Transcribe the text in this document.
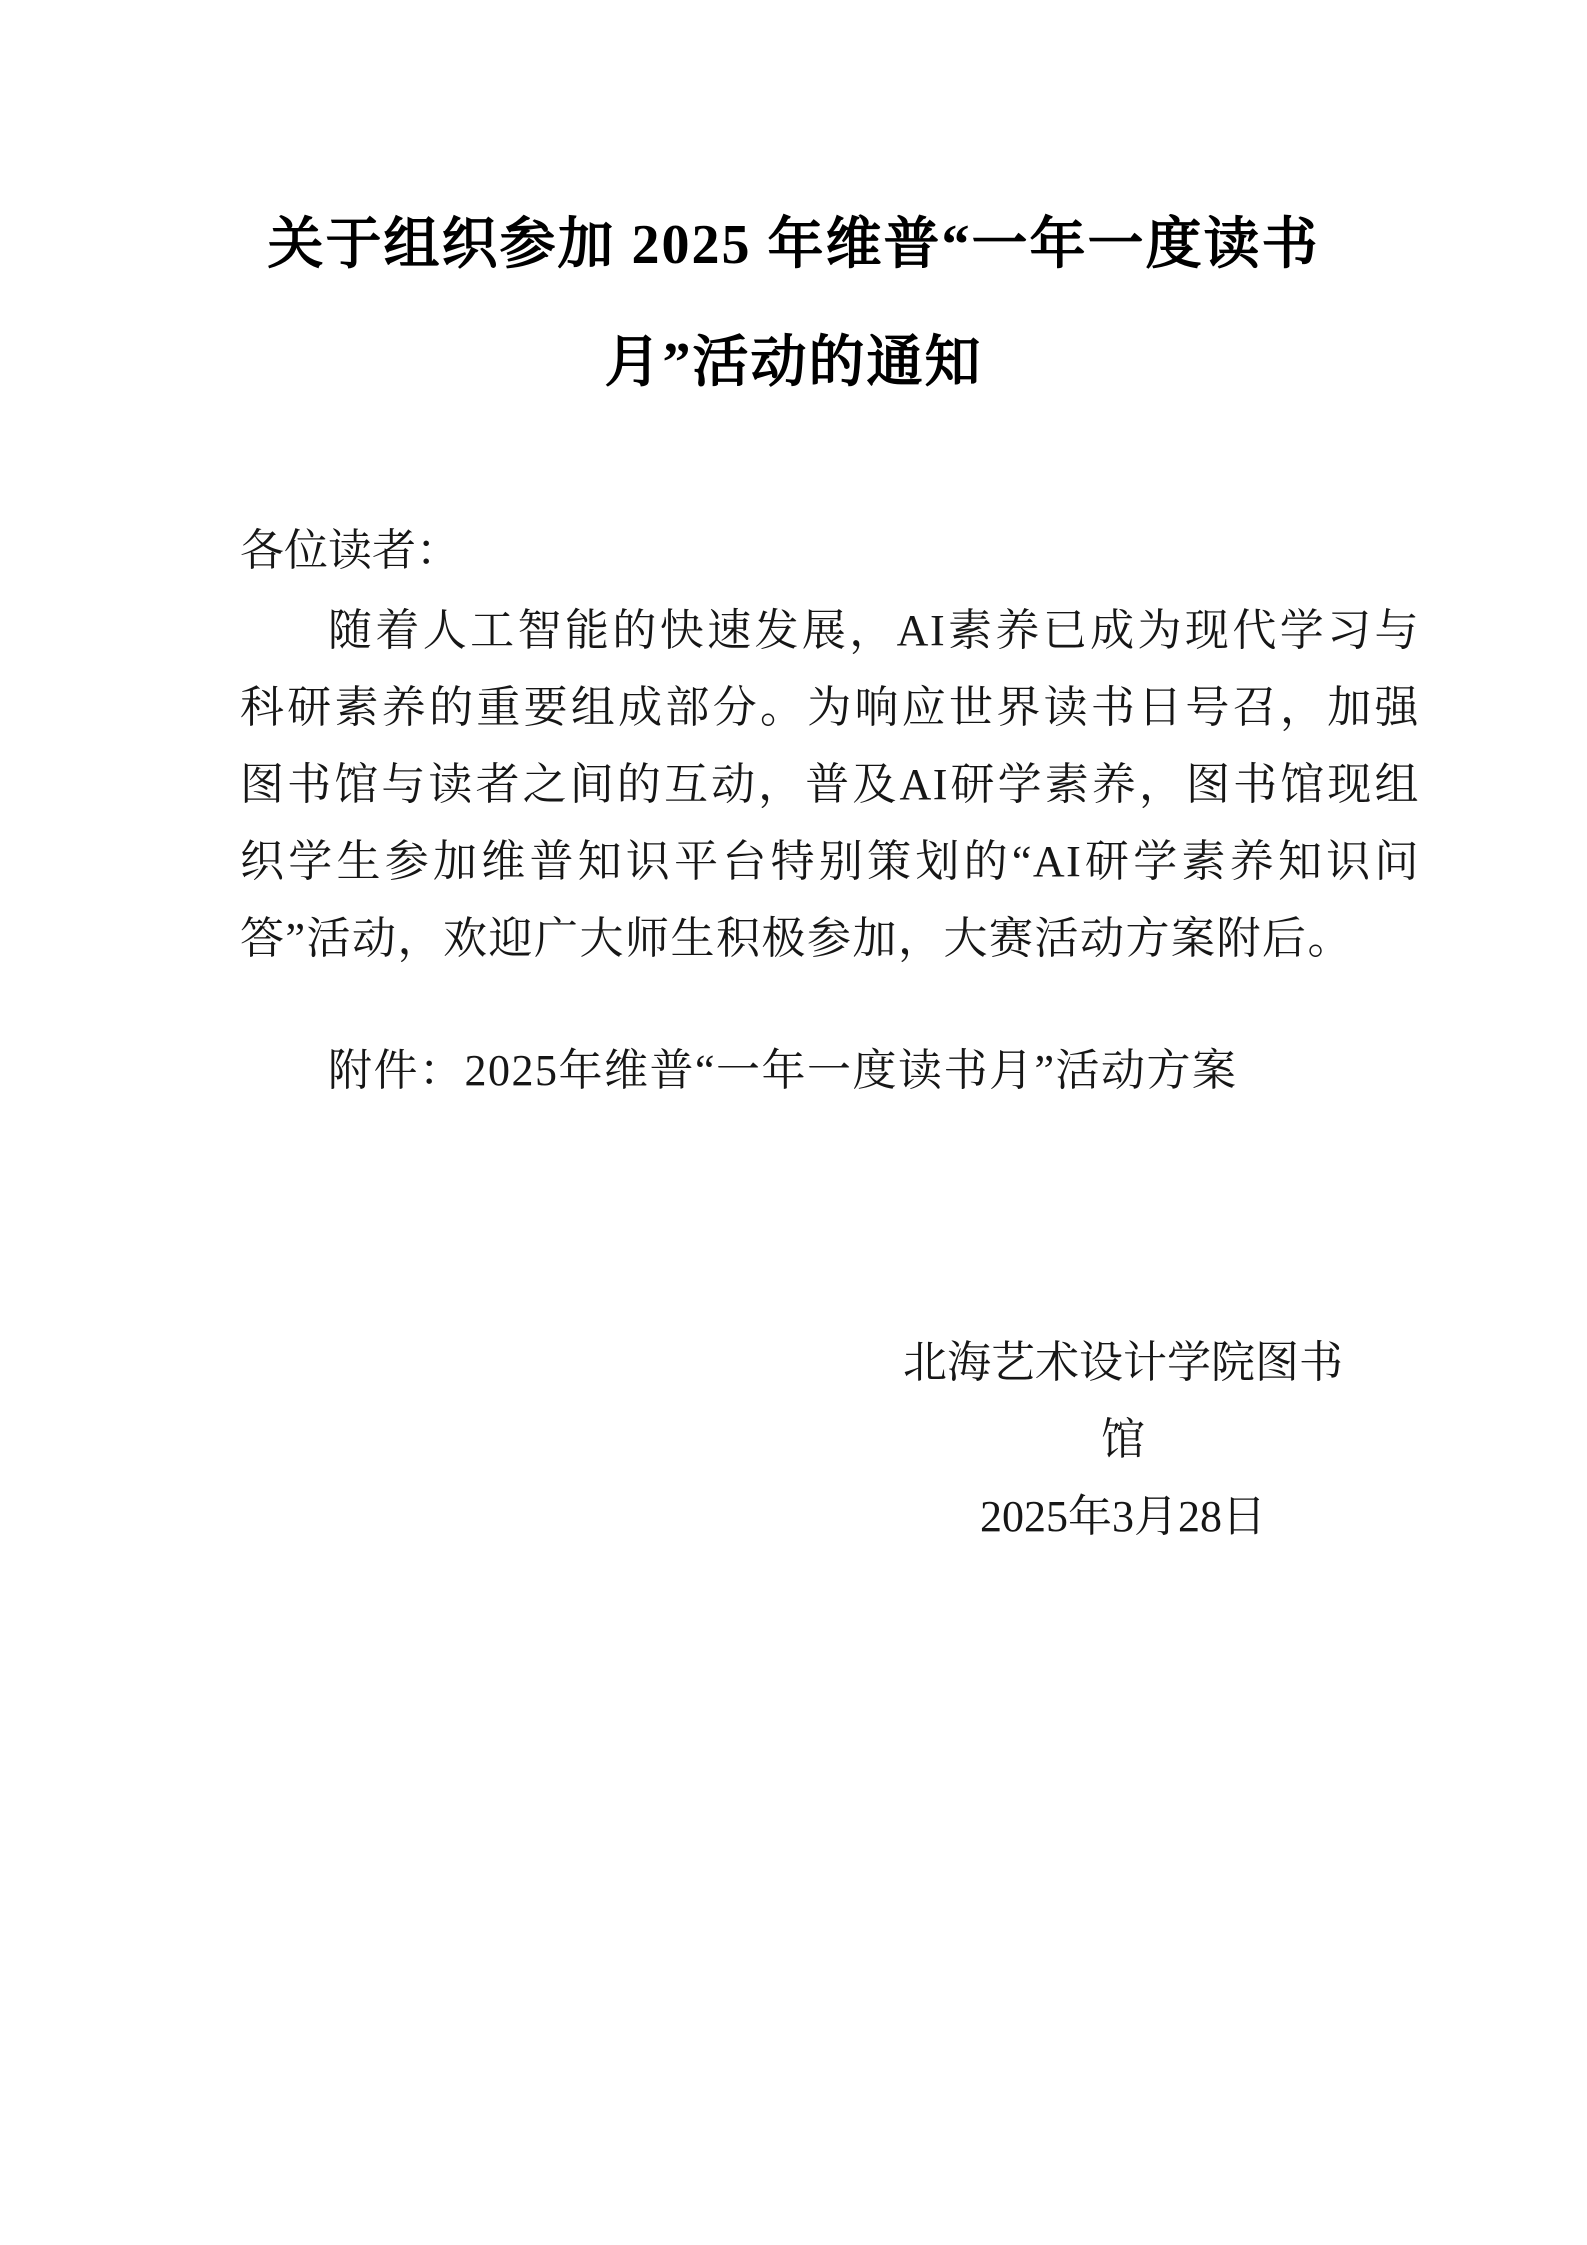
关于组织参加 2025 年维普“一年一度读书
月”活动的通知

各位读者：

随着人工智能的快速发展，AI素养已成为现代学习与科研素养的重要组成部分。为响应世界读书日号召，加强图书馆与读者之间的互动，普及AI研学素养，图书馆现组织学生参加维普知识平台特别策划的“AI研学素养知识问答”活动，欢迎广大师生积极参加，大赛活动方案附后。

附件：2025年维普“一年一度读书月”活动方案

北海艺术设计学院图书馆

2025年3月28日
